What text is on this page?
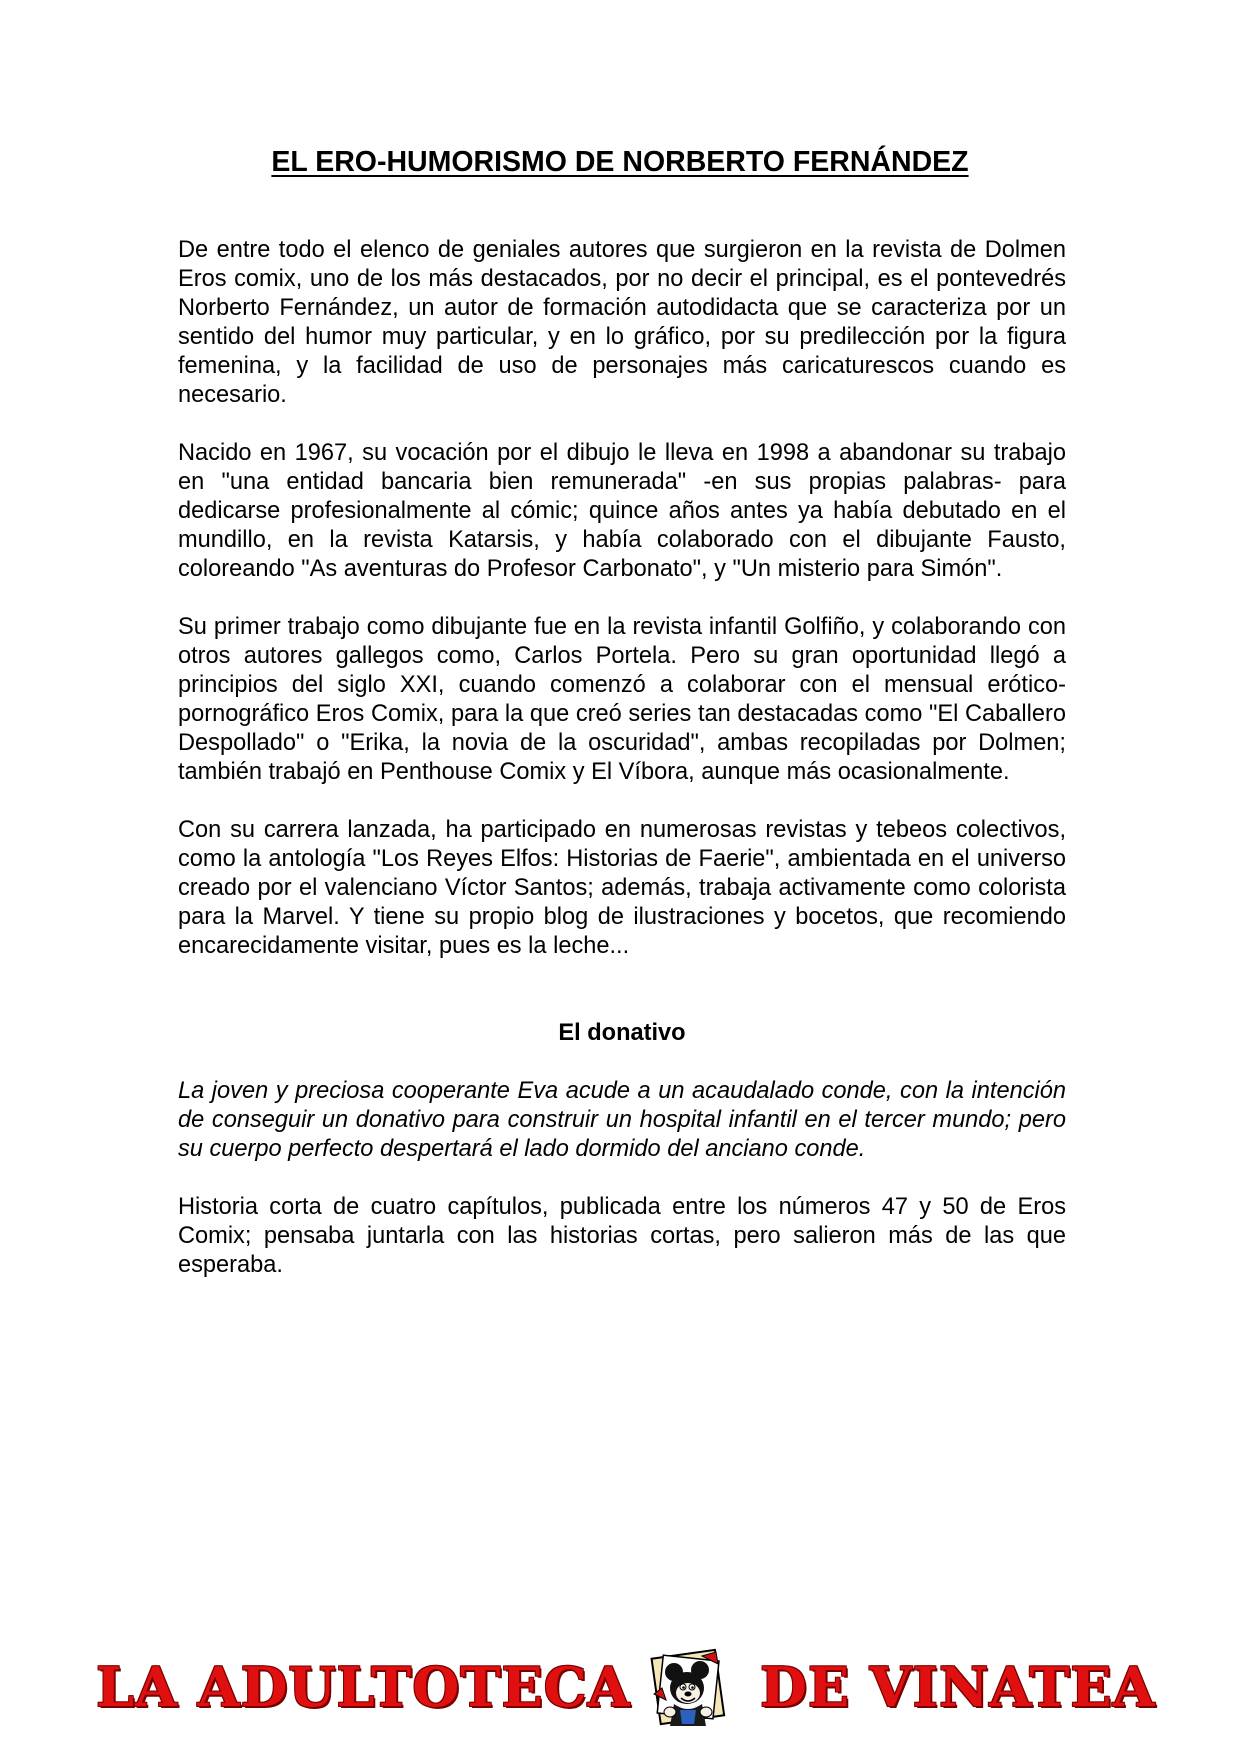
EL ERO-HUMORISMO DE NORBERTO FERNÁNDEZ

De entre todo el elenco de geniales autores que surgieron en la revista de Dolmen Eros comix, uno de los más destacados, por no decir el principal, es el pontevedrés Norberto Fernández, un autor de formación autodidacta que se caracteriza por un sentido del humor muy particular, y en lo gráfico, por su predilección por la figura femenina, y la facilidad de uso de personajes más caricaturescos cuando es necesario.

Nacido en 1967, su vocación por el dibujo le lleva en 1998 a abandonar su trabajo en "una entidad bancaria bien remunerada" -en sus propias palabras- para dedicarse profesionalmente al cómic; quince años antes ya había debutado en el mundillo, en la revista Katarsis, y había colaborado con el dibujante Fausto, coloreando "As aventuras do Profesor Carbonato", y "Un misterio para Simón".

Su primer trabajo como dibujante fue en la revista infantil Golfiño, y colaborando con otros autores gallegos como, Carlos Portela. Pero su gran oportunidad llegó a principios del siglo XXI, cuando comenzó a colaborar con el mensual erótico-pornográfico Eros Comix, para la que creó series tan destacadas como "El Caballero Despollado" o "Erika, la novia de la oscuridad", ambas recopiladas por Dolmen; también trabajó en Penthouse Comix y El Víbora, aunque más ocasionalmente.

Con su carrera lanzada, ha participado en numerosas revistas y tebeos colectivos, como la antología "Los Reyes Elfos: Historias de Faerie", ambientada en el universo creado por el valenciano Víctor Santos; además, trabaja activamente como colorista para la Marvel. Y tiene su propio blog de ilustraciones y bocetos, que recomiendo encarecidamente visitar, pues es la leche...

El donativo

La joven y preciosa cooperante Eva acude a un acaudalado conde, con la intención de conseguir un donativo para construir un hospital infantil en el tercer mundo; pero su cuerpo perfecto despertará el lado dormido del anciano conde.

Historia corta de cuatro capítulos, publicada entre los números 47 y 50 de Eros Comix; pensaba juntarla con las historias cortas, pero salieron más de las que esperaba.

LA ADULTOTECA DE VINATEA
